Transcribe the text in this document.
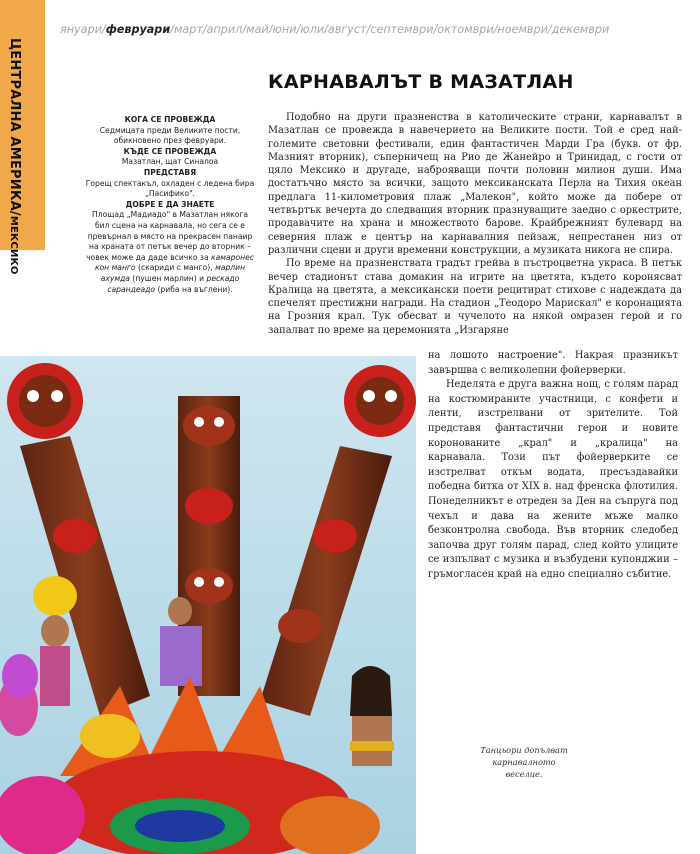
ЦЕНТРАЛНА АМЕРИКА/МЕКСИКО
януари/февруари/март/април/май/юни/юли/август/септември/октомври/ноември/декември
КАРНАВАЛЪТ В МАЗАТЛАН
КОГА СЕ ПРОВЕЖДА
Седмицата преди Великите пости, обикновено през февруари.
КЪДЕ СЕ ПРОВЕЖДА
Мазатлан, щат Синалоа
ПРЕДСТАВЯ
Горещ спектакъл, охладен с ледена бира „Пасифико".
ДОБРЕ Е ДА ЗНАЕТЕ
Площад „Мадиадо" в Мазатлан някога бил сцена на карнавала, но сега се е превърнал в място на прекрасен панаир на храната от петък вечер до вторник – човек може да даде всичко за камаронес кон манго (скариди с манго), марлин ахумда (пушен марлин) и рескадо сарандеадо (риба на въглени).

Подобно на други празненства в католическите страни, карнавалът в Мазатлан се провежда в навечерието на Великите пости. Той е сред най-големите световни фестивали, един фантастичен Марди Гра (букв. от фр. Мазният вторник), съперничещ на Рио де Жанейро и Тринидад, с гости от цяло Мексико и другаде, наброяващи почти половин милион души. Има достатъчно място за всички, защото мексиканската Перла на Тихия океан предлага 11-километровия плаж „Малекон", който може да побере от четвъртък вечерта до следващия вторник празнуващите заедно с оркестрите, продавачите на храна и множеството барове. Крайбрежният булевард на северния плаж е център на карнавалния пейзаж, непрестанен низ от различни сцени и други временни конструкции, а музиката никога не спира.

По време на празненствата градът грейва в пъстроцветна украса. В петък вечер стадионът става домакин на игрите на цветята, където коронясват Кралица на цветята, а мексикански поети рецитират стихове с надеждата да спечелят престижни награди. На стадион „Теодоро Марискал" е коронацията на Грозния крал. Тук обесват и чучелото на някой омразен герой и го запалват по време на церемонията „Изгаряне

на лошото настроение". Накрая празникът завършва с великолепни фойерверки.

Неделята е друга важна нощ, с голям парад на костюмираните участници, с конфети и ленти, изстрелвани от зрителите. Той представя фантастични герои и новите коронованите „крал" и „кралица" на карнавала. Този път фойерверките се изстрелват откъм водата, пресъздавайки победна битка от XIX в. над френска флотилия. Понеделникът е отреден за Ден на съпруга под чехъл и дава на жените мъже малко безконтролна свобода. Във вторник следобед започва друг голям парад, след който улиците се изпълват с музика и възбудени купонджии – гръмогласен край на едно специално събитие.

Танцьори допълват карнавалното веселие.
